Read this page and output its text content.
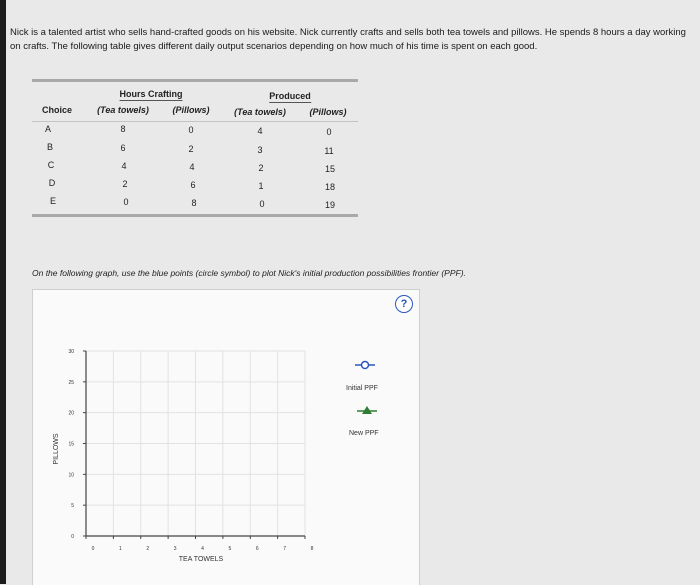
Nick is a talented artist who sells hand-crafted goods on his website. Nick currently crafts and sells both tea towels and pillows. He spends 8 hours a day working on crafts. The following table gives different daily output scenarios depending on how much of his time is spent on each good.
Hours Crafting	Produced
Choice	(Tea towels)	(Pillows)	(Tea towels)	(Pillows)
A	8	0	4	0
B	6	2	3	11
C	4	4	2	15
D	2	6	1	18
E	0	8	0	19
On the following graph, use the blue points (circle symbol) to plot Nick's initial production possibilities frontier (PPF).
?
0
5
10
15
20
25
30
0	1	2	3	4	5	6	7	8
PILLOWS
TEA TOWELS
Initial PPF
New PPF
